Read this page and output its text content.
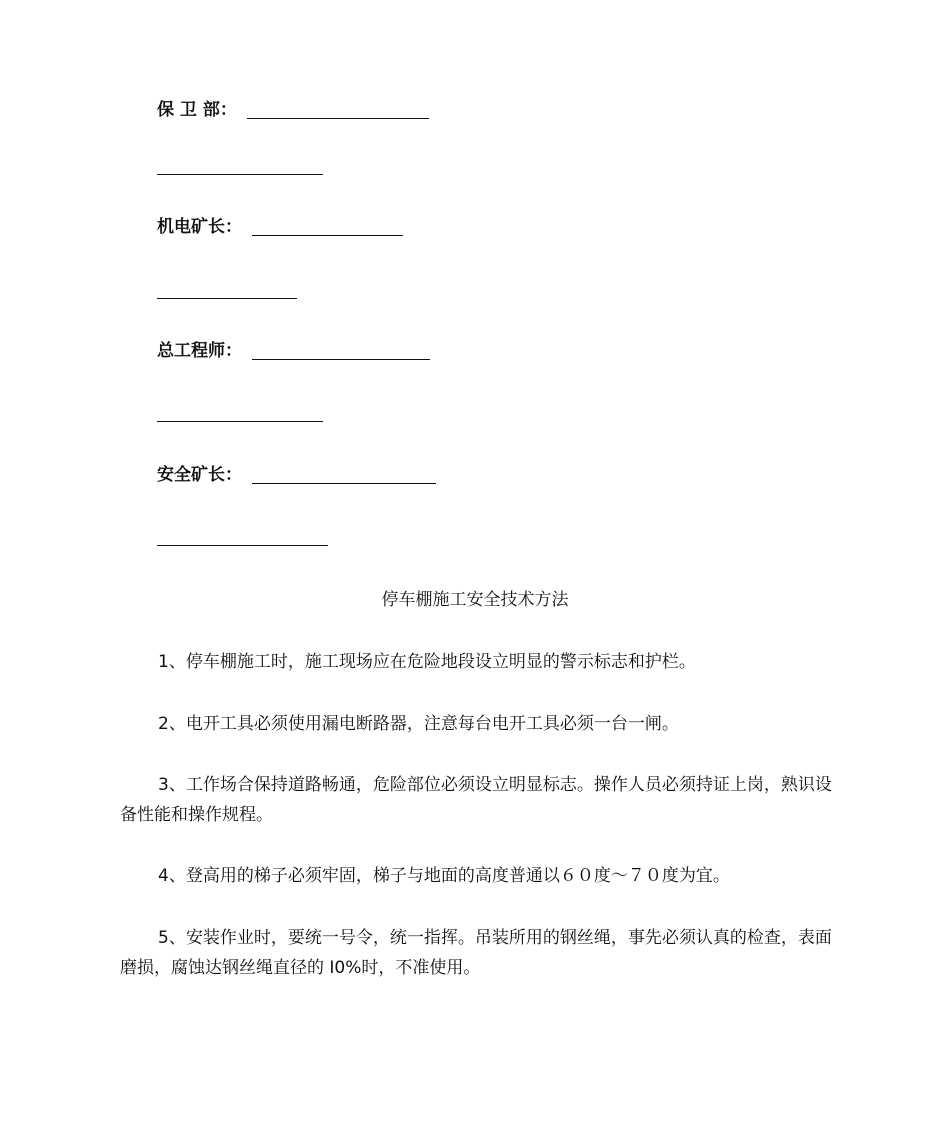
保 卫 部：
机电矿长：
总工程师：
安全矿长：
停车棚施工安全技术方法
1、停车棚施工时，施工现场应在危险地段设立明显的警示标志和护栏。
2、电开工具必须使用漏电断路器，注意每台电开工具必须一台一闸。
3、工作场合保持道路畅通，危险部位必须设立明显标志。操作人员必须持证上岗，熟识设备性能和操作规程。
4、登高用的梯子必须牢固，梯子与地面的高度普通以６０度～７０度为宜。
5、安装作业时，要统一号令，统一指挥。吊装所用的钢丝绳，事先必须认真的检查，表面磨损，腐蚀达钢丝绳直径的 I0%时，不准使用。
